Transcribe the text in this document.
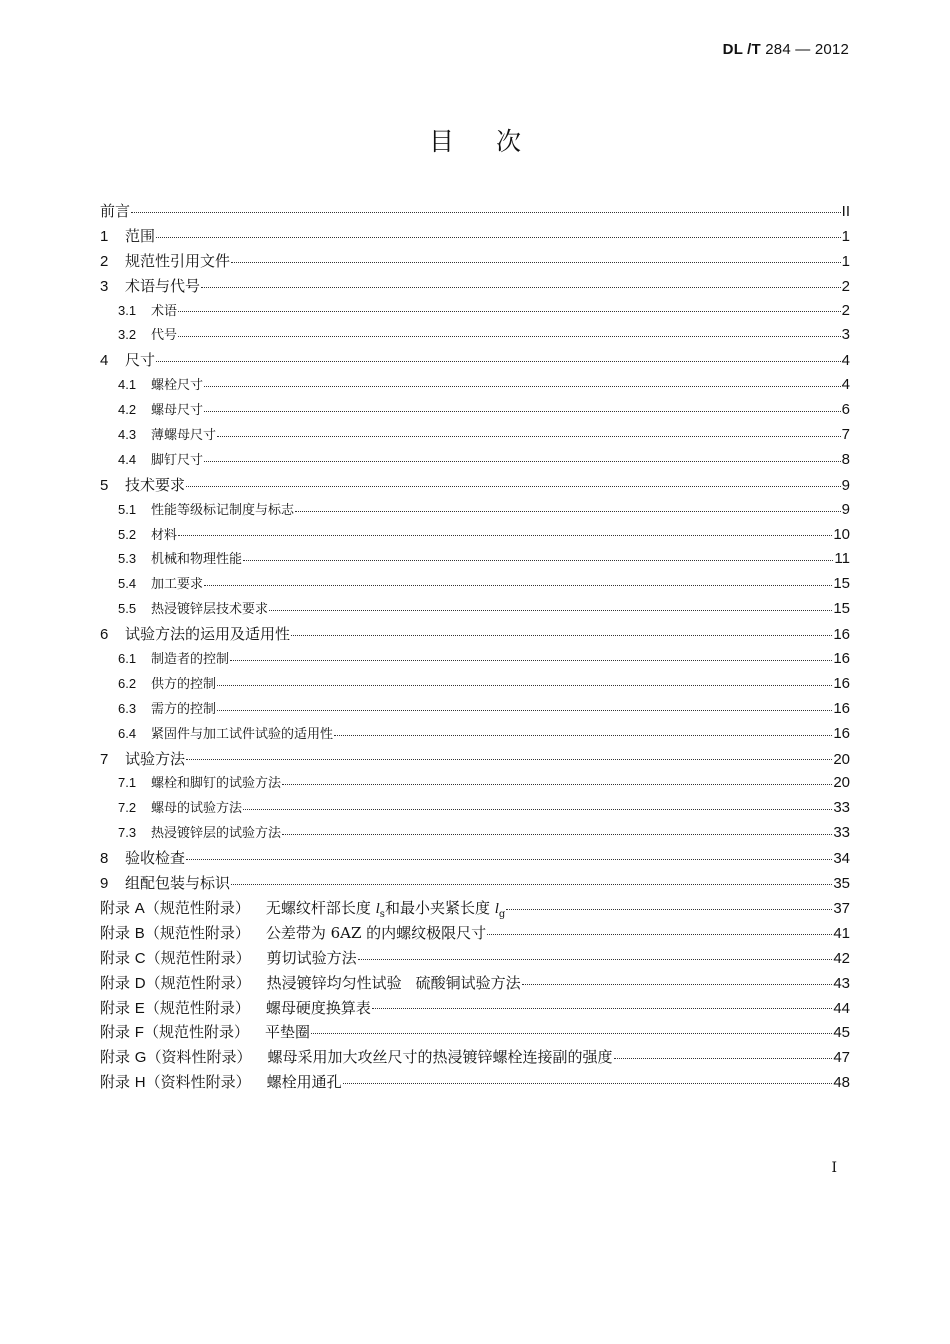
DL /T 284 — 2012
目次
前言	II
1	范围	1
2	规范性引用文件	1
3	术语与代号	2
3.1	术语	2
3.2	代号	3
4	尺寸	4
4.1	螺栓尺寸	4
4.2	螺母尺寸	6
4.3	薄螺母尺寸	7
4.4	脚钉尺寸	8
5	技术要求	9
5.1	性能等级标记制度与标志	9
5.2	材料	10
5.3	机械和物理性能	11
5.4	加工要求	15
5.5	热浸镀锌层技术要求	15
6	试验方法的运用及适用性	16
6.1	制造者的控制	16
6.2	供方的控制	16
6.3	需方的控制	16
6.4	紧固件与加工试件试验的适用性	16
7	试验方法	20
7.1	螺栓和脚钉的试验方法	20
7.2	螺母的试验方法	33
7.3	热浸镀锌层的试验方法	33
8	验收检查	34
9	组配包装与标识	35
附录 A（规范性附录） 无螺纹杆部长度 $l_s$和最小夹紧长度 $l_g$	37
附录 B（规范性附录） 公差带为 6AZ 的内螺纹极限尺寸	41
附录 C（规范性附录） 剪切试验方法	42
附录 D（规范性附录） 热浸镀锌均匀性试验 硫酸铜试验方法	43
附录 E（规范性附录） 螺母硬度换算表	44
附录 F（规范性附录） 平垫圈	45
附录 G（资料性附录） 螺母采用加大攻丝尺寸的热浸镀锌螺栓连接副的强度	47
附录 H（资料性附录） 螺栓用通孔	48
I
